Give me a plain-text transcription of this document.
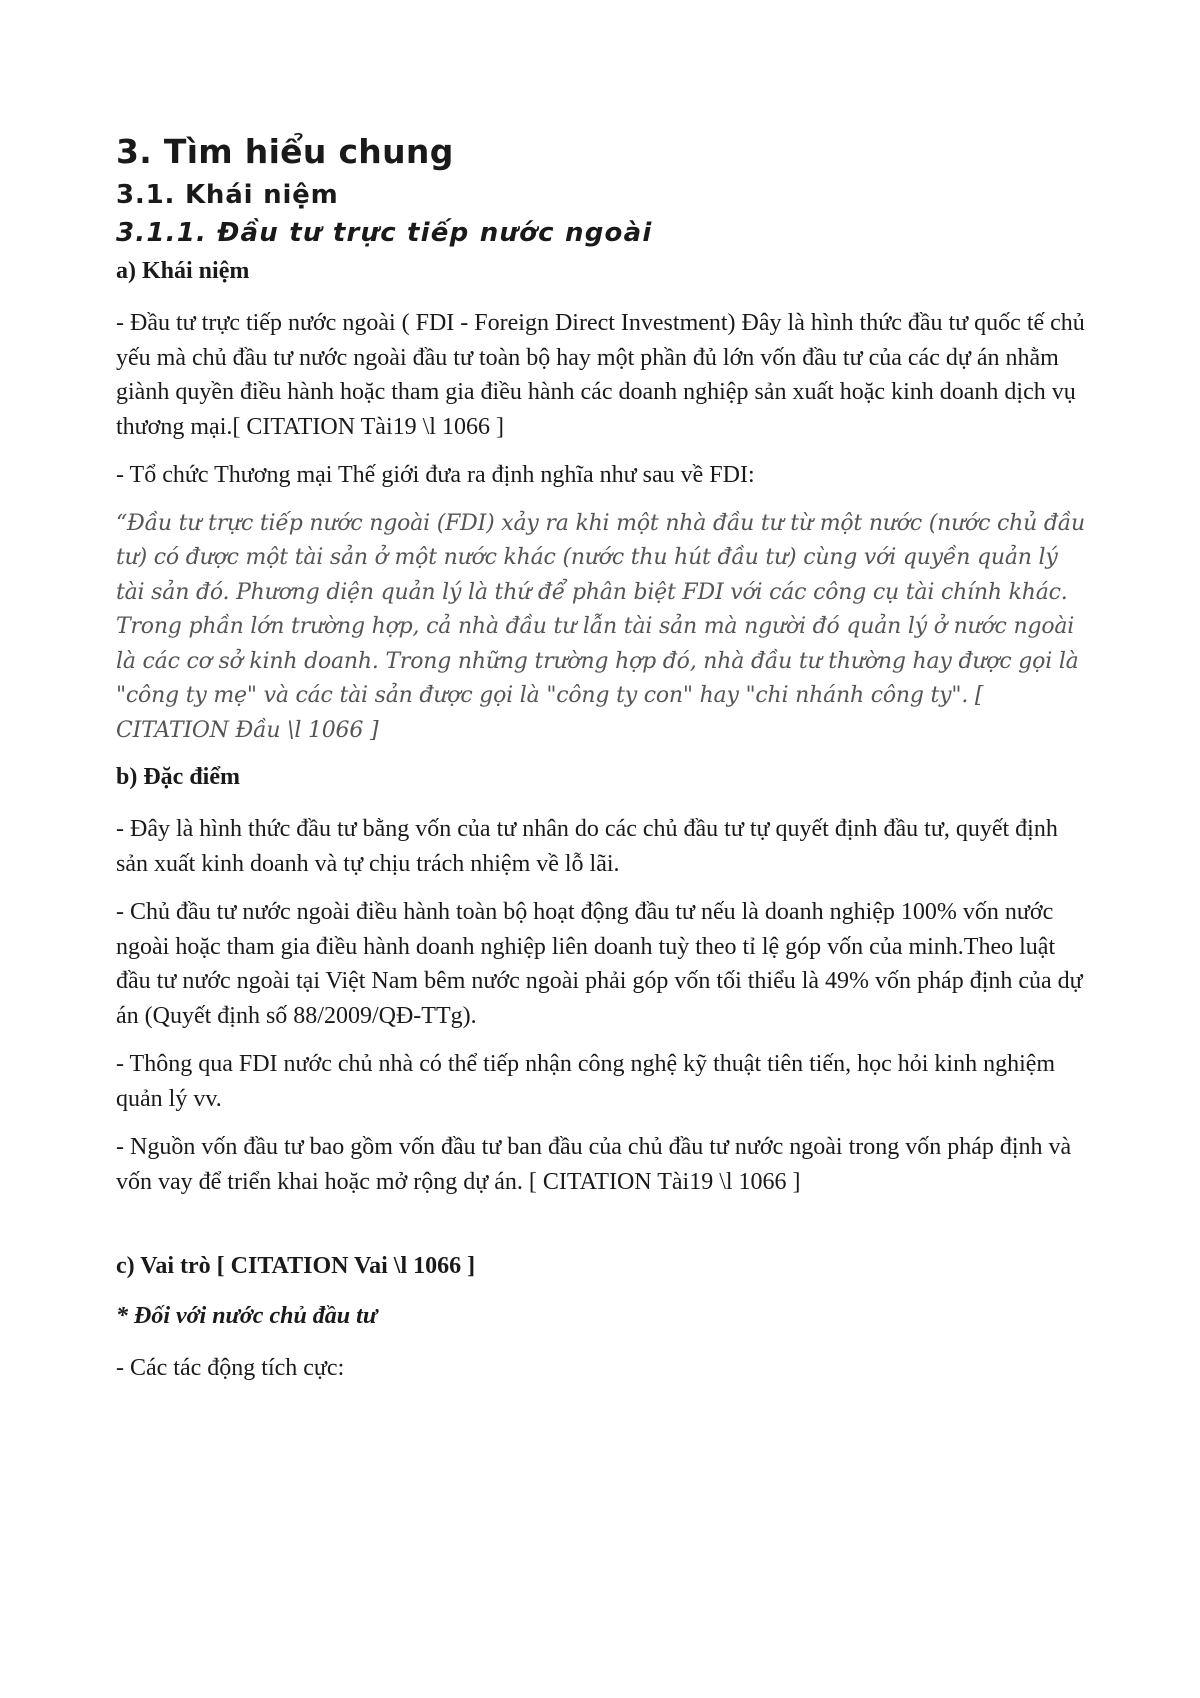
3. Tìm hiểu chung
3.1. Khái niệm
3.1.1. Đầu tư trực tiếp nước ngoài
a) Khái niệm
- Đầu tư trực tiếp nước ngoài ( FDI - Foreign Direct Investment) Đây là hình thức đầu tư quốc tế chủ yếu mà chủ đầu tư nước ngoài đầu tư toàn bộ hay một phần đủ lớn vốn đầu tư của các dự án nhằm giành quyền điều hành hoặc tham gia điều hành các doanh nghiệp sản xuất hoặc kinh doanh dịch vụ thương mại.[ CITATION Tài19 \l 1066 ]
- Tổ chức Thương mại Thế giới đưa ra định nghĩa như sau về FDI:
“Đầu tư trực tiếp nước ngoài (FDI) xảy ra khi một nhà đầu tư từ một nước (nước chủ đầu tư) có được một tài sản ở một nước khác (nước thu hút đầu tư) cùng với quyền quản lý tài sản đó. Phương diện quản lý là thứ để phân biệt FDI với các công cụ tài chính khác. Trong phần lớn trường hợp, cả nhà đầu tư lẫn tài sản mà người đó quản lý ở nước ngoài là các cơ sở kinh doanh. Trong những trường hợp đó, nhà đầu tư thường hay được gọi là "công ty mẹ" và các tài sản được gọi là "công ty con" hay "chi nhánh công ty". [ CITATION Đầu \l 1066 ]
b) Đặc điểm
- Đây là hình thức đầu tư bằng vốn của tư nhân do các chủ đầu tư tự quyết định đầu tư, quyết định sản xuất kinh doanh và tự chịu trách nhiệm về lỗ lãi.
- Chủ đầu tư nước ngoài điều hành toàn bộ hoạt động đầu tư nếu là doanh nghiệp 100% vốn nước ngoài hoặc tham gia điều hành doanh nghiệp liên doanh tuỳ theo tỉ lệ góp vốn của minh.Theo luật đầu tư nước ngoài tại Việt Nam bêm nước ngoài phải góp vốn tối thiểu là 49% vốn pháp định của dự án (Quyết định số 88/2009/QĐ-TTg).
- Thông qua FDI nước chủ nhà có thể tiếp nhận công nghệ kỹ thuật tiên tiến, học hỏi kinh nghiệm quản lý vv.
- Nguồn vốn đầu tư bao gồm vốn đầu tư ban đầu của chủ đầu tư nước ngoài trong vốn pháp định và vốn vay để triển khai hoặc mở rộng dự án. [ CITATION Tài19 \l 1066 ]
c) Vai trò [ CITATION Vai \l 1066 ]
* Đối với nước chủ đầu tư
- Các tác động tích cực:
